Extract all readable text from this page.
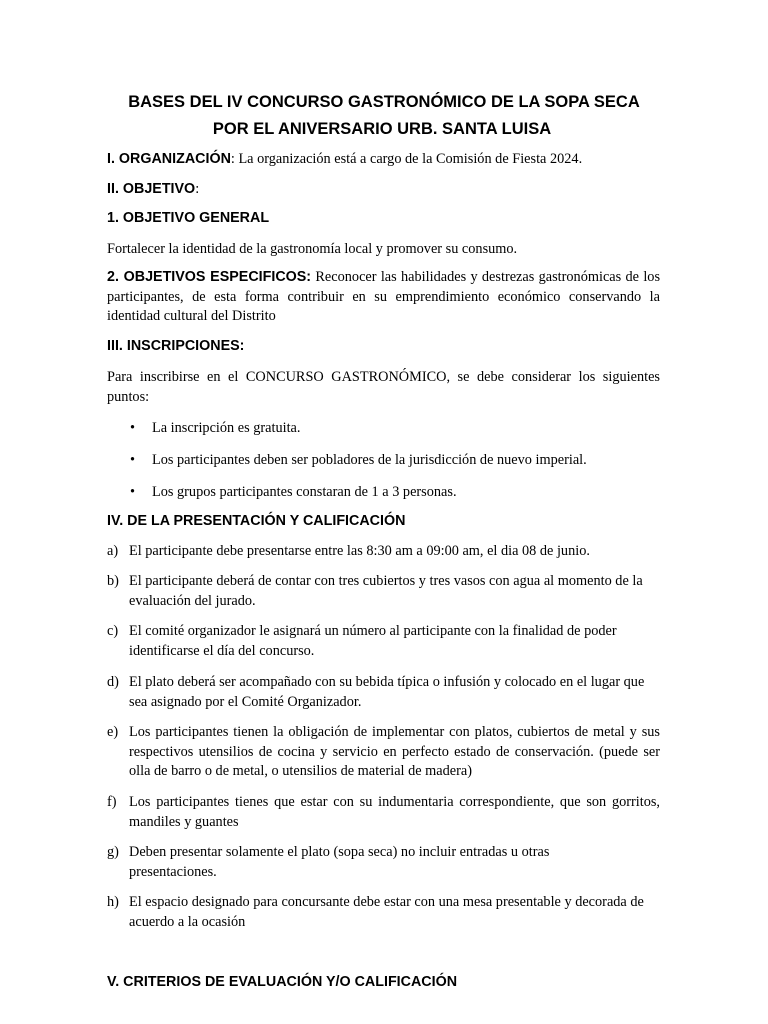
BASES DEL IV CONCURSO GASTRONÓMICO DE LA SOPA SECA
POR EL ANIVERSARIO URB. SANTA LUISA
I. ORGANIZACIÓN: La organización está a cargo de la Comisión de Fiesta 2024.
II. OBJETIVO:
1. OBJETIVO GENERAL
Fortalecer la identidad de la gastronomía local y promover su consumo.
2. OBJETIVOS ESPECIFICOS: Reconocer las habilidades y destrezas gastronómicas de los participantes, de esta forma contribuir en su emprendimiento económico conservando la identidad cultural del Distrito
III. INSCRIPCIONES:
Para inscribirse en el CONCURSO GASTRONÓMICO, se debe considerar los siguientes puntos:
• La inscripción es gratuita.
• Los participantes deben ser pobladores de la jurisdicción de nuevo imperial.
• Los grupos participantes constaran de 1 a 3 personas.
IV. DE LA PRESENTACIÓN Y CALIFICACIÓN
a) El participante debe presentarse entre las 8:30 am a 09:00 am, el dia 08 de junio.
b) El participante deberá de contar con tres cubiertos y tres vasos con agua al momento de la evaluación del jurado.
c) El comité organizador le asignará un número al participante con la finalidad de poder identificarse el día del concurso.
d) El plato deberá ser acompañado con su bebida típica o infusión y colocado en el lugar que sea asignado por el Comité Organizador.
e) Los participantes tienen la obligación de implementar con platos, cubiertos de metal y sus respectivos utensilios de cocina y servicio en perfecto estado de conservación. (puede ser olla de barro o de metal, o utensilios de material de madera)
f) Los participantes tienes que estar con su indumentaria correspondiente, que son gorritos, mandiles y guantes
g) Deben presentar solamente el plato (sopa seca) no incluir entradas u otras presentaciones.
h) El espacio designado para concursante debe estar con una mesa presentable y decorada de acuerdo a la ocasión
V. CRITERIOS DE EVALUACIÓN Y/O CALIFICACIÓN
